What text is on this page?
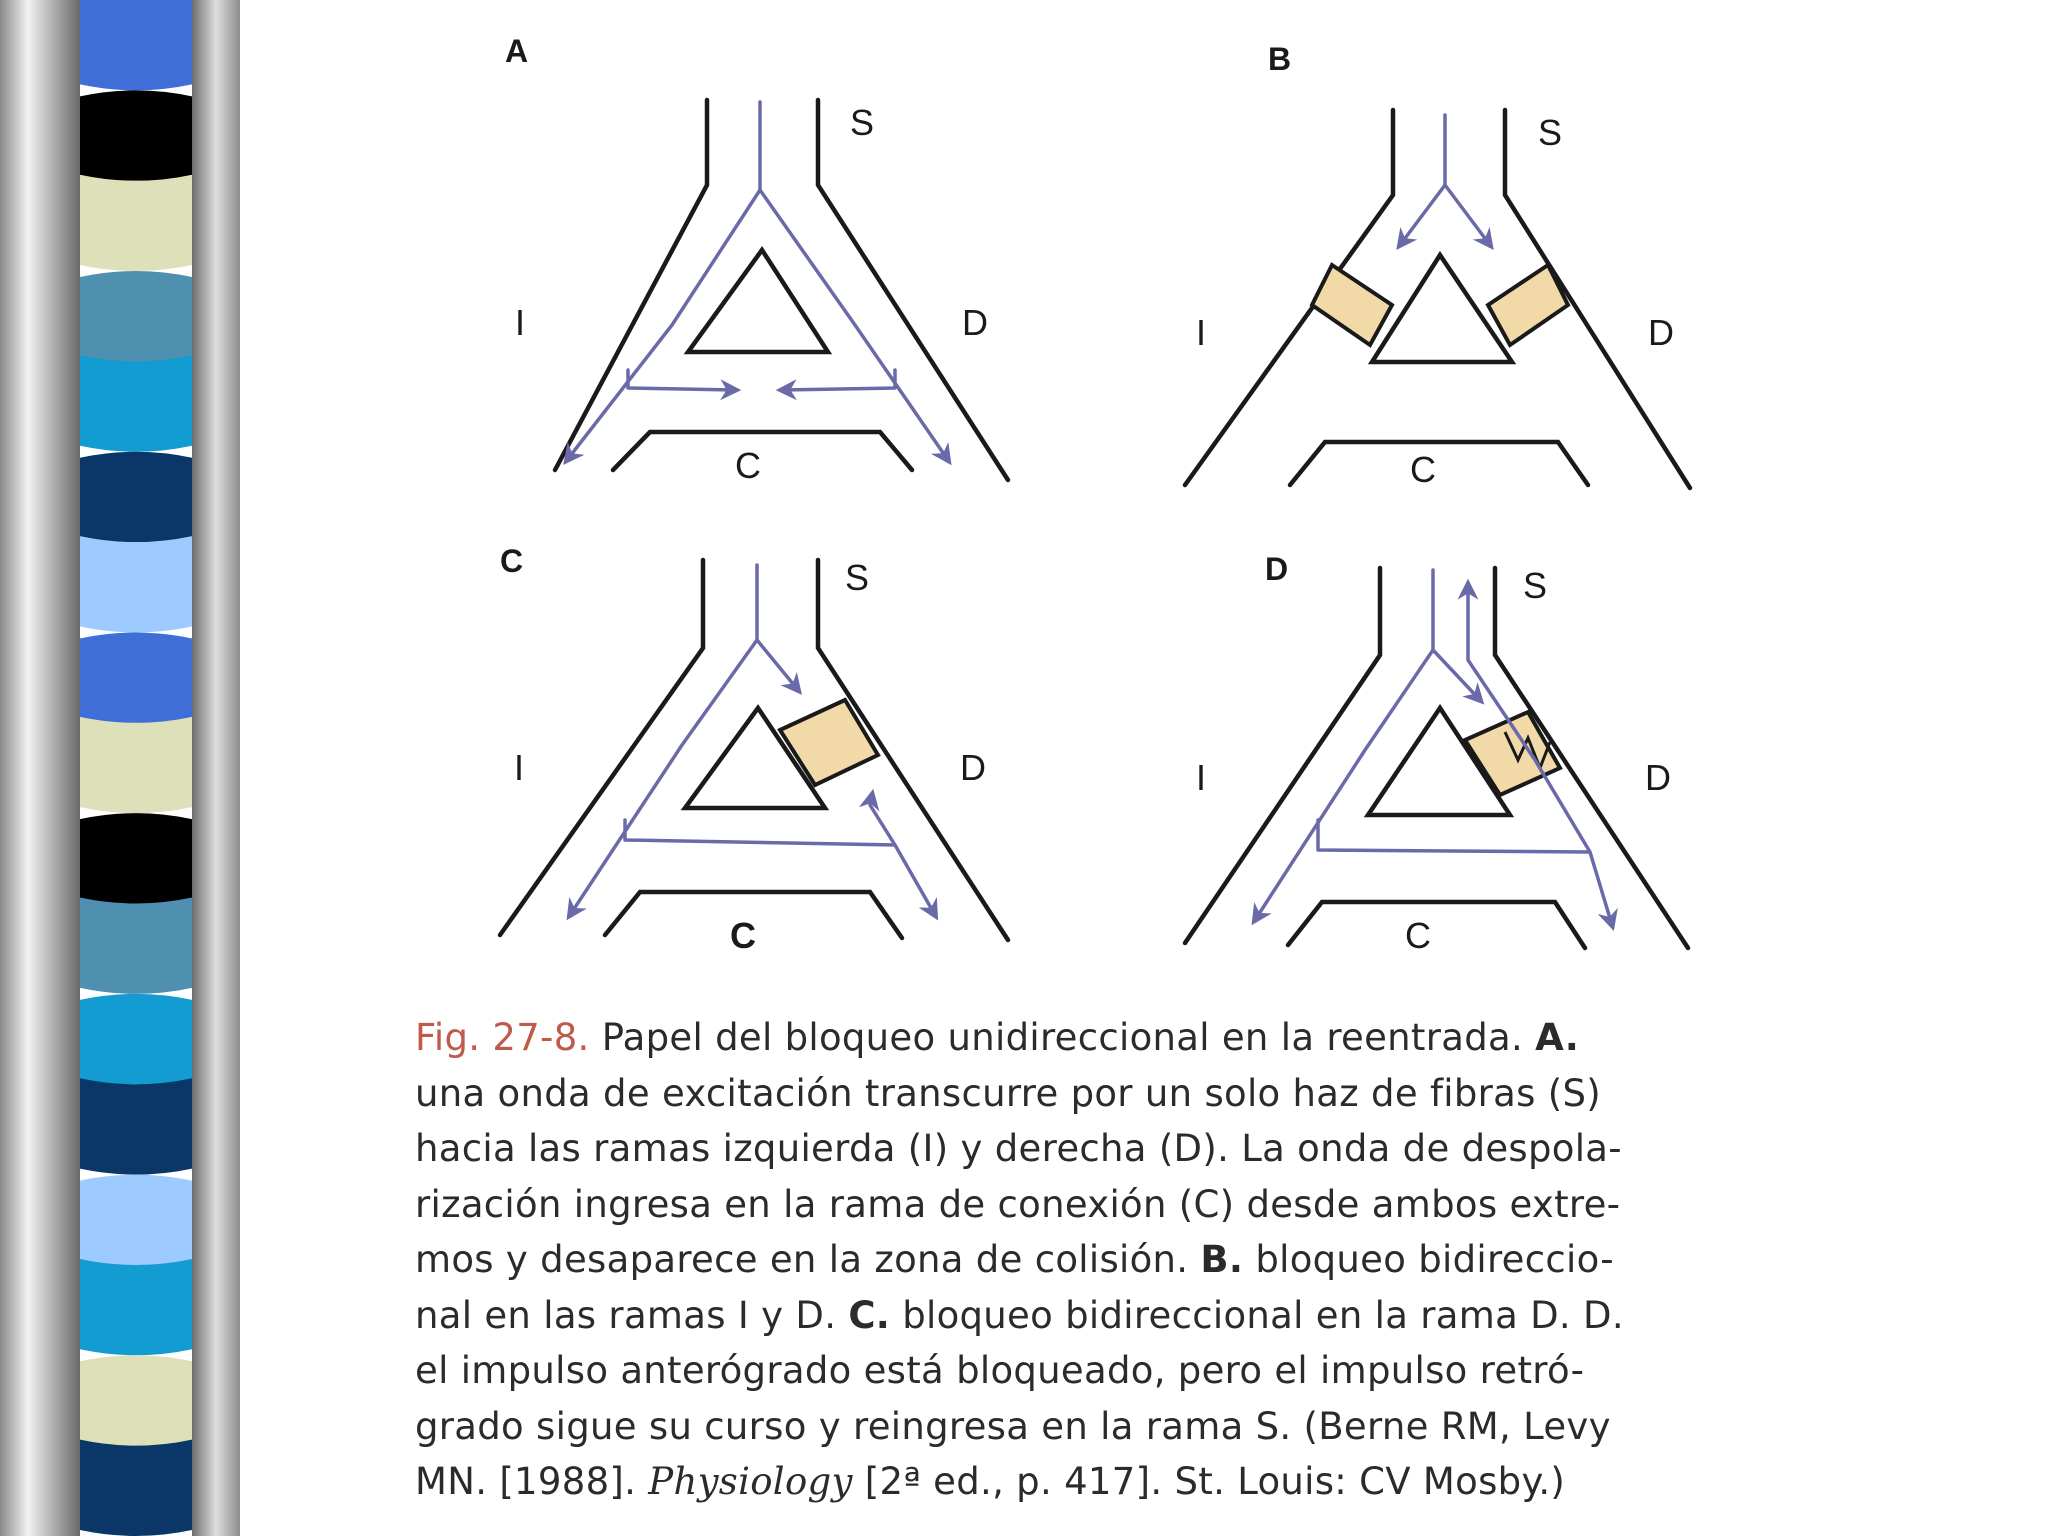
A
S
I	D
C
B
S
I	D
C
C	S
I	D
C
D	S
I	D
C
Fig. 27-8. Papel del bloqueo unidireccional en la reentrada. A.
una onda de excitación transcurre por un solo haz de fibras (S)
hacia las ramas izquierda (I) y derecha (D). La onda de despola-
rización ingresa en la rama de conexión (C) desde ambos extre-
mos y desaparece en la zona de colisión. B. bloqueo bidireccio-
nal en las ramas I y D. C. bloqueo bidireccional en la rama D. D.
el impulso anterógrado está bloqueado, pero el impulso retró-
grado sigue su curso y reingresa en la rama S. (Berne RM, Levy
MN. [1988]. Physiology [2ª ed., p. 417]. St. Louis: CV Mosby.)
